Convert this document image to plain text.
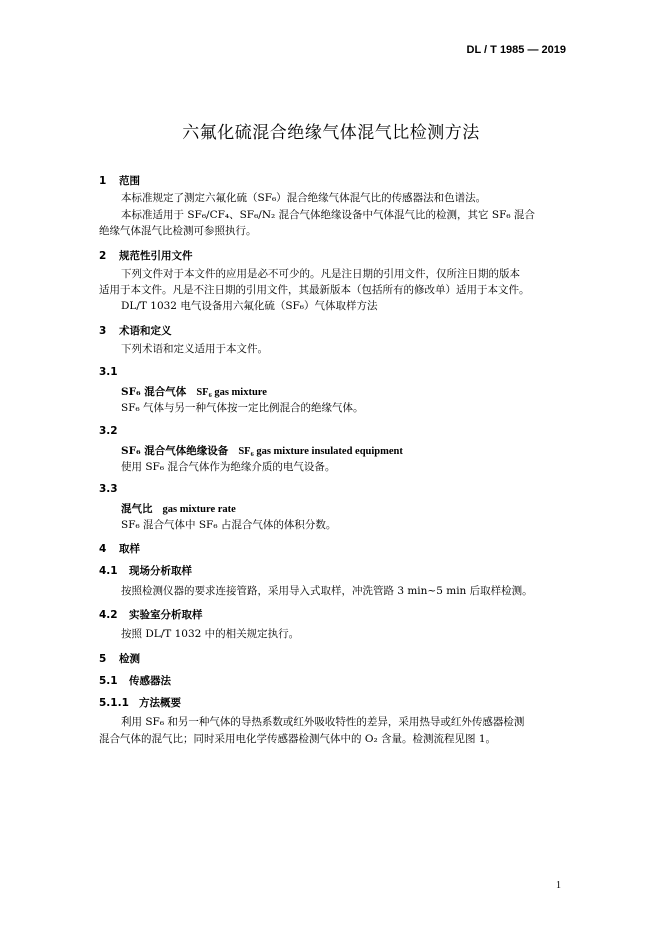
DL / T 1985 — 2019
六氟化硫混合绝缘气体混气比检测方法
1 范围
本标准规定了测定六氟化硫（SF₆）混合绝缘气体混气比的传感器法和色谱法。
本标准适用于 SF₆/CF₄、SF₆/N₂ 混合气体绝缘设备中气体混气比的检测，其它 SF₆ 混合
绝缘气体混气比检测可参照执行。
2 规范性引用文件
下列文件对于本文件的应用是必不可少的。凡是注日期的引用文件，仅所注日期的版本
适用于本文件。凡是不注日期的引用文件，其最新版本（包括所有的修改单）适用于本文件。
DL/T 1032 电气设备用六氟化硫（SF₆）气体取样方法
3 术语和定义
下列术语和定义适用于本文件。
3.1
SF₆ 混合气体 SF₆ gas mixture
SF₆ 气体与另一种气体按一定比例混合的绝缘气体。
3.2
SF₆ 混合气体绝缘设备 SF₆ gas mixture insulated equipment
使用 SF₆ 混合气体作为绝缘介质的电气设备。
3.3
混气比 gas mixture rate
SF₆ 混合气体中 SF₆ 占混合气体的体积分数。
4 取样
4.1 现场分析取样
按照检测仪器的要求连接管路，采用导入式取样，冲洗管路 3 min~5 min 后取样检测。
4.2 实验室分析取样
按照 DL/T 1032 中的相关规定执行。
5 检测
5.1 传感器法
5.1.1 方法概要
利用 SF₆ 和另一种气体的导热系数或红外吸收特性的差异，采用热导或红外传感器检测
混合气体的混气比；同时采用电化学传感器检测气体中的 O₂ 含量。检测流程见图 1。
1
